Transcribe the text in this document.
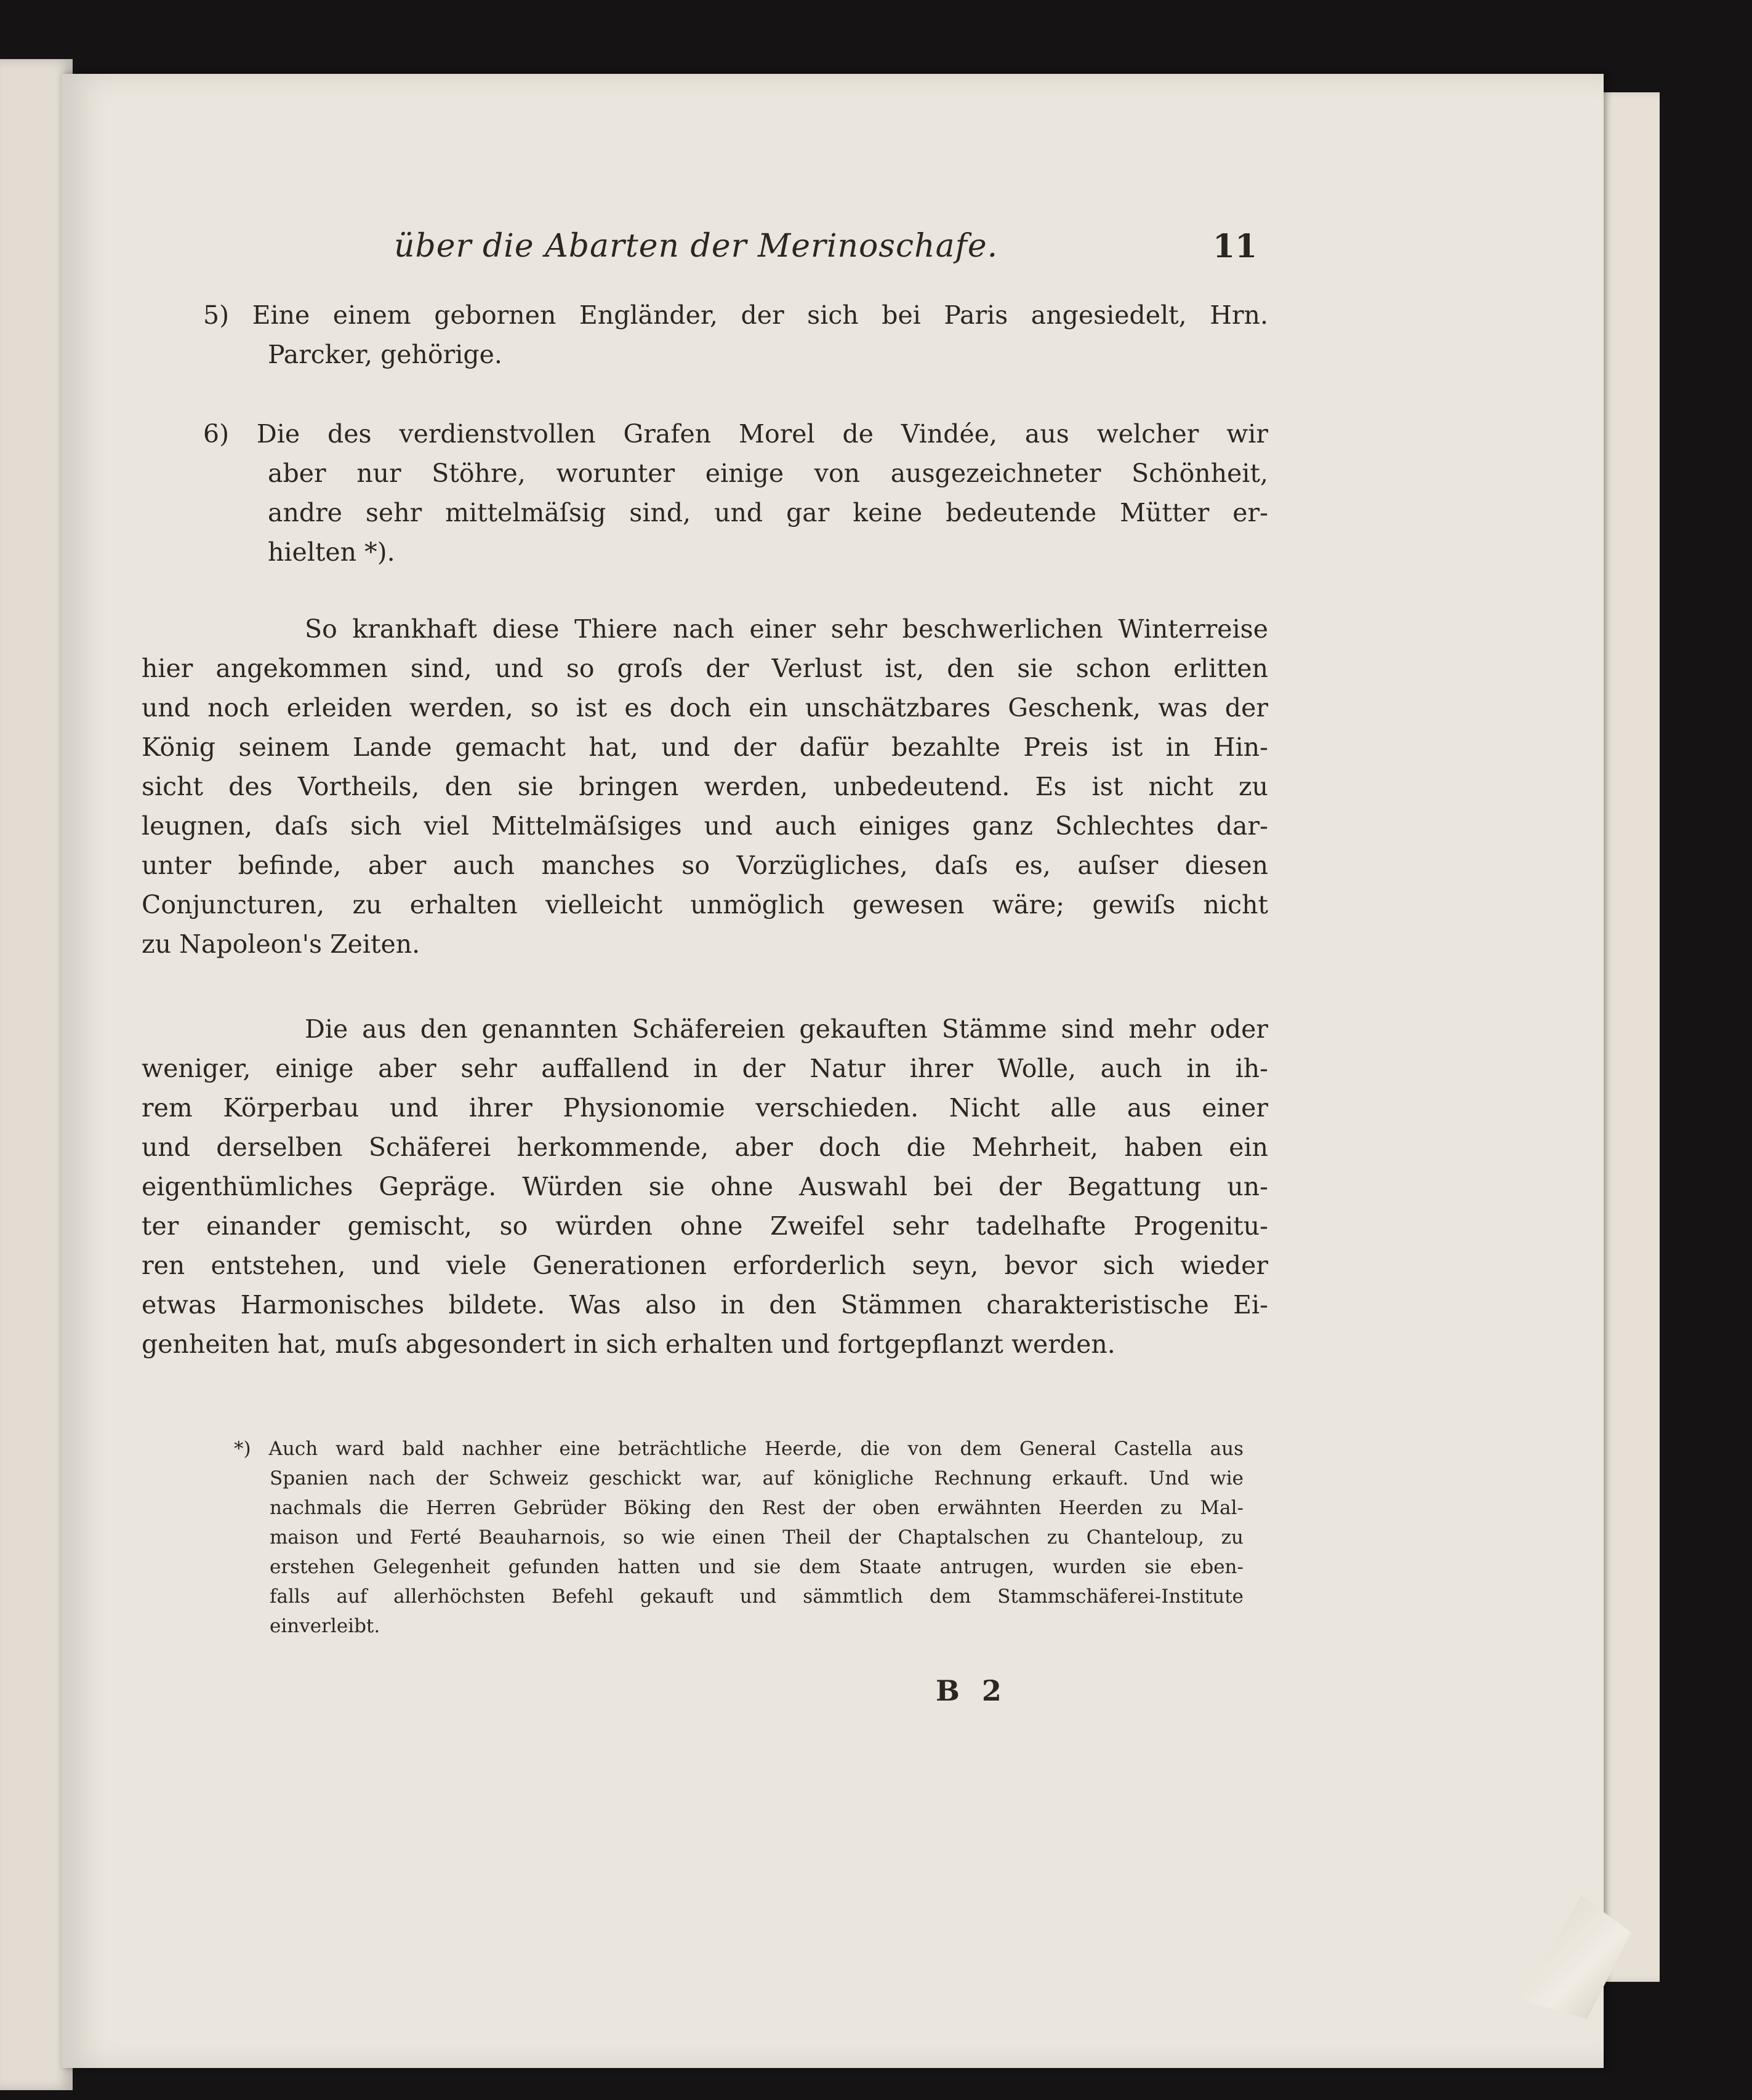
über die Abarten der Merinoschafe.	11
5) Eine einem gebornen Engländer, der sich bei Paris angesiedelt, Hrn.
Parcker, gehörige.
6) Die des verdienstvollen Grafen Morel de Vindée, aus welcher wir
aber nur Stöhre, worunter einige von ausgezeichneter Schönheit,
andre sehr mittelmäſsig sind, und gar keine bedeutende Mütter er-
hielten *).
So krankhaft diese Thiere nach einer sehr beschwerlichen Winterreise
hier angekommen sind, und so groſs der Verlust ist, den sie schon erlitten
und noch erleiden werden, so ist es doch ein unschätzbares Geschenk, was der
König seinem Lande gemacht hat, und der dafür bezahlte Preis ist in Hin-
sicht des Vortheils, den sie bringen werden, unbedeutend. Es ist nicht zu
leugnen, daſs sich viel Mittelmäſsiges und auch einiges ganz Schlechtes dar-
unter befinde, aber auch manches so Vorzügliches, daſs es, auſser diesen
Conjuncturen, zu erhalten vielleicht unmöglich gewesen wäre; gewiſs nicht
zu Napoleon's Zeiten.
Die aus den genannten Schäfereien gekauften Stämme sind mehr oder
weniger, einige aber sehr auffallend in der Natur ihrer Wolle, auch in ih-
rem Körperbau und ihrer Physionomie verschieden. Nicht alle aus einer
und derselben Schäferei herkommende, aber doch die Mehrheit, haben ein
eigenthümliches Gepräge. Würden sie ohne Auswahl bei der Begattung un-
ter einander gemischt, so würden ohne Zweifel sehr tadelhafte Progenitu-
ren entstehen, und viele Generationen erforderlich seyn, bevor sich wieder
etwas Harmonisches bildete. Was also in den Stämmen charakteristische Ei-
genheiten hat, muſs abgesondert in sich erhalten und fortgepflanzt werden.
*) Auch ward bald nachher eine beträchtliche Heerde, die von dem General Castella aus
Spanien nach der Schweiz geschickt war, auf königliche Rechnung erkauft. Und wie
nachmals die Herren Gebrüder Böking den Rest der oben erwähnten Heerden zu Mal-
maison und Ferté Beauharnois, so wie einen Theil der Chaptalschen zu Chanteloup, zu
erstehen Gelegenheit gefunden hatten und sie dem Staate antrugen, wurden sie eben-
falls auf allerhöchsten Befehl gekauft und sämmtlich dem Stammschäferei-Institute
einverleibt.
B 2
